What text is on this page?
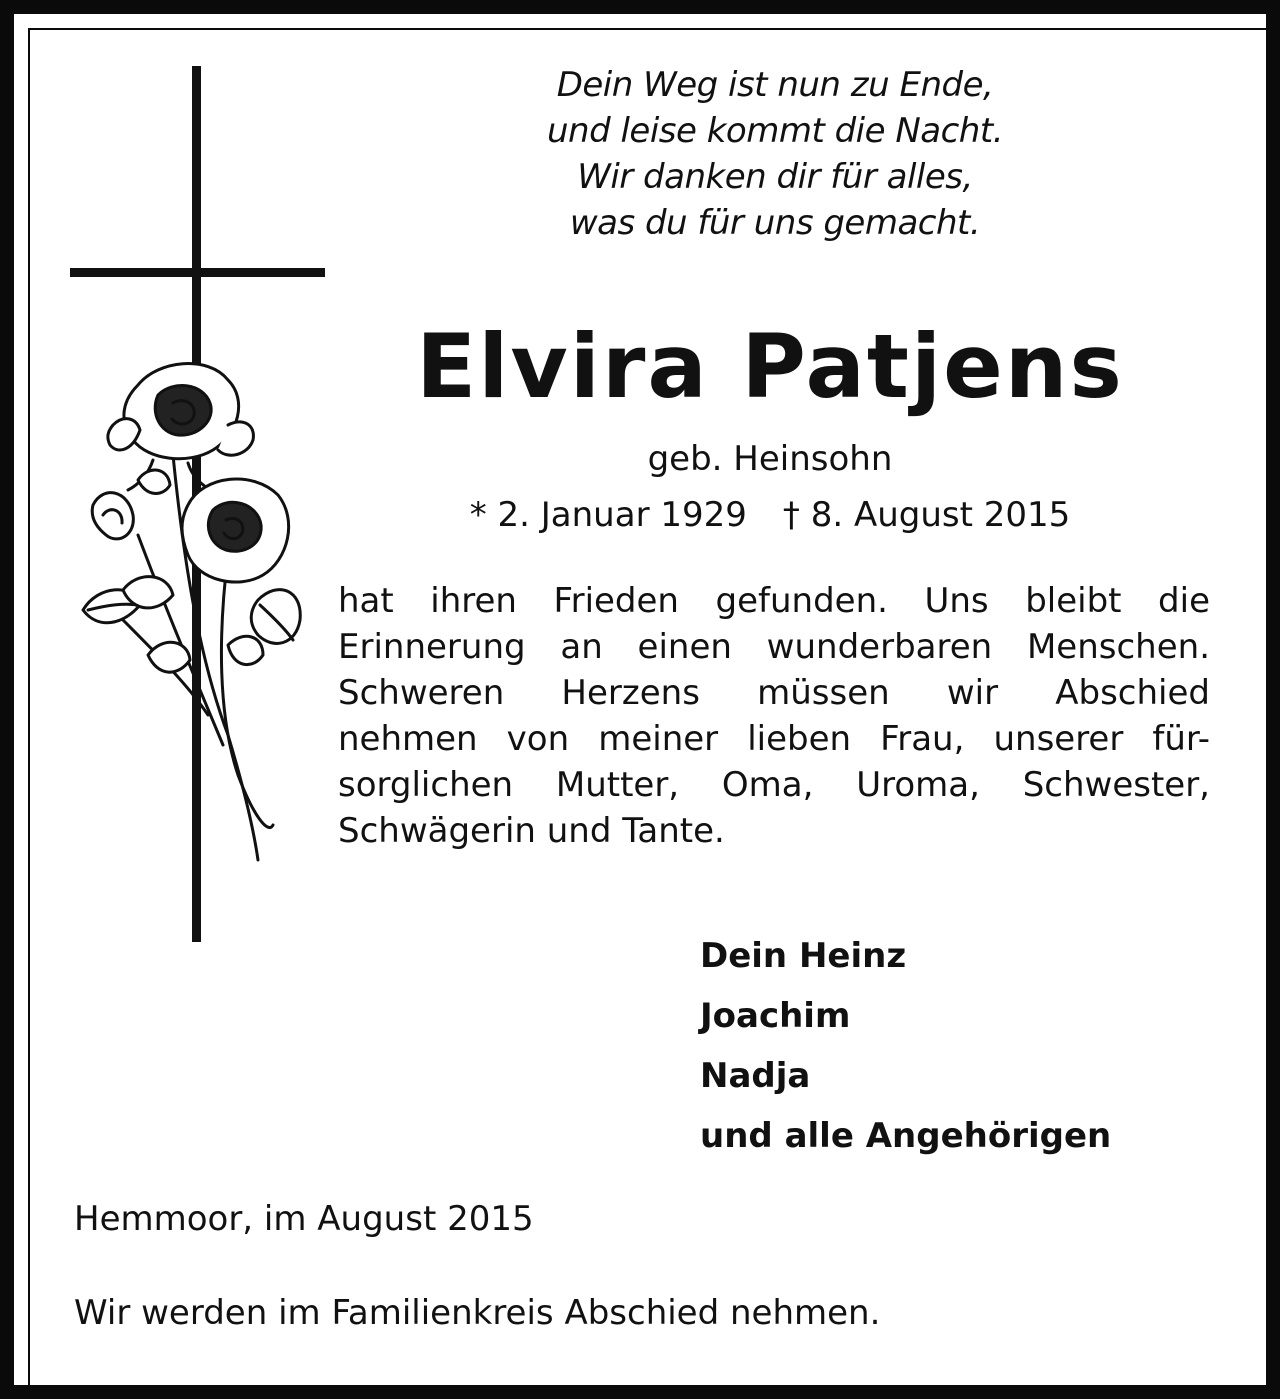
Dein Weg ist nun zu Ende,
und leise kommt die Nacht.
Wir danken dir für alles,
was du für uns gemacht.
Elvira Patjens
geb. Heinsohn
* 2. Januar 1929 † 8. August 2015
hat ihren Frieden gefunden. Uns bleibt die
Erinnerung an einen wunderbaren Menschen.
Schweren Herzens müssen wir Abschied
nehmen von meiner lieben Frau, unserer für-
sorglichen Mutter, Oma, Uroma, Schwester,
Schwägerin und Tante.
Dein Heinz
Joachim
Nadja
und alle Angehörigen
Hemmoor, im August 2015
Wir werden im Familienkreis Abschied nehmen.
